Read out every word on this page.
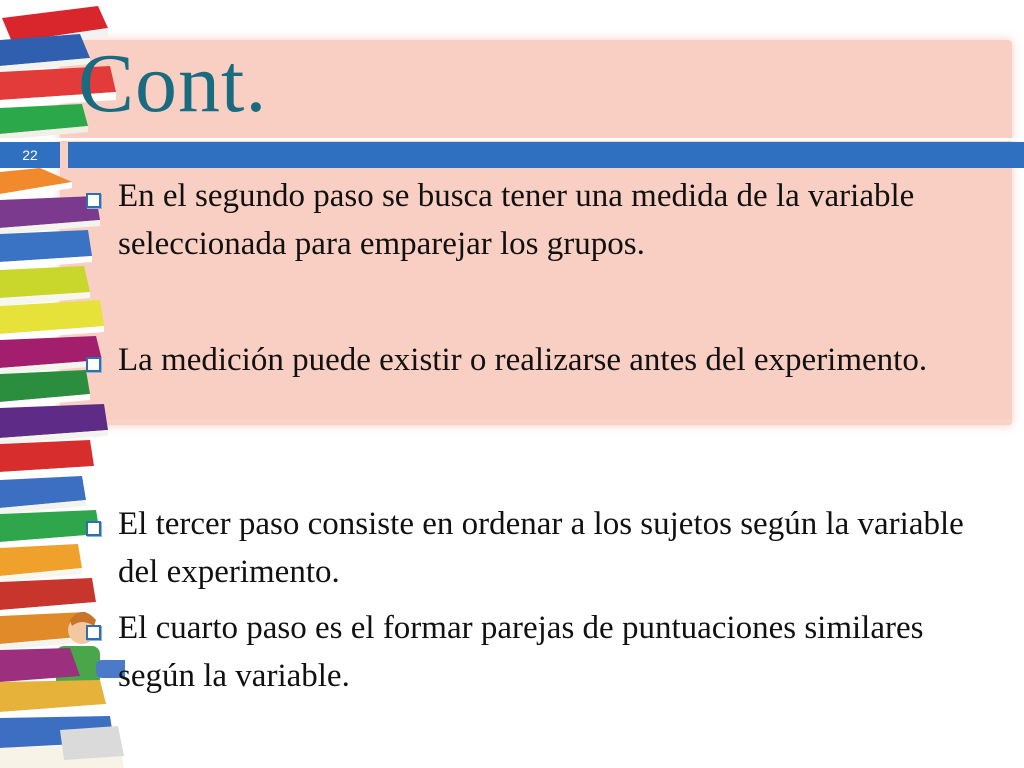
Cont.
22
En el segundo paso se busca tener una medida de la variable seleccionada para emparejar los grupos.
La medición puede existir o realizarse antes del experimento.
El tercer paso consiste en ordenar a los sujetos según la variable del experimento.
El cuarto paso es el formar parejas de puntuaciones similares según la variable.
